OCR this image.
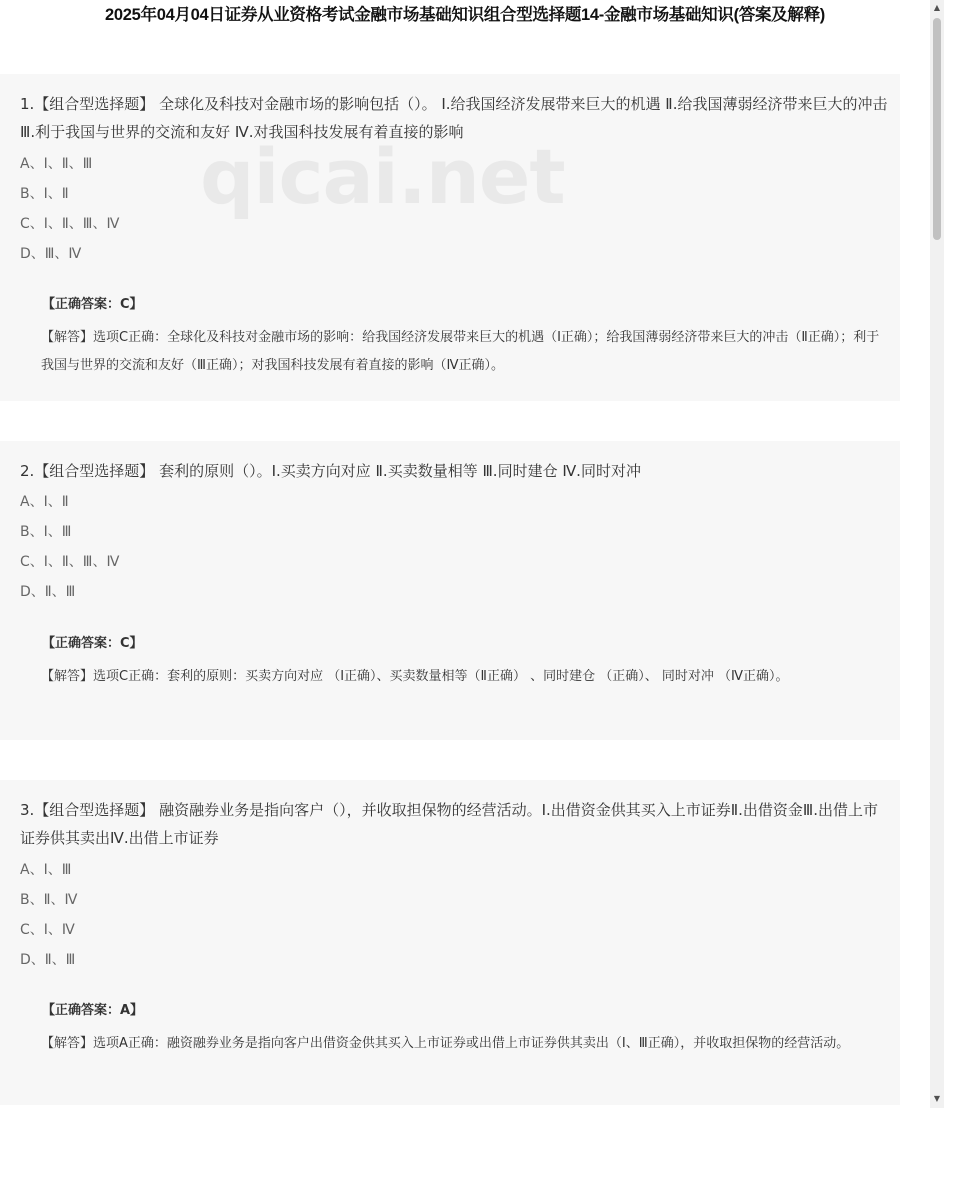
2025年04月04日证券从业资格考试金融市场基础知识组合型选择题14-金融市场基础知识(答案及解释)
1.【组合型选择题】 全球化及科技对金融市场的影响包括（）。 Ⅰ.给我国经济发展带来巨大的机遇 Ⅱ.给我国薄弱经济带来巨大的冲击 Ⅲ.利于我国与世界的交流和友好 Ⅳ.对我国科技发展有着直接的影响
A、Ⅰ、Ⅱ、Ⅲ
B、Ⅰ、Ⅱ
C、Ⅰ、Ⅱ、Ⅲ、Ⅳ
D、Ⅲ、Ⅳ
【正确答案：C】
【解答】选项C正确：全球化及科技对金融市场的影响：给我国经济发展带来巨大的机遇（Ⅰ正确）；给我国薄弱经济带来巨大的冲击（Ⅱ正确）；利于我国与世界的交流和友好（Ⅲ正确）；对我国科技发展有着直接的影响（Ⅳ正确）。
2.【组合型选择题】 套利的原则（）。Ⅰ.买卖方向对应 Ⅱ.买卖数量相等 Ⅲ.同时建仓 Ⅳ.同时对冲
A、Ⅰ、Ⅱ
B、Ⅰ、Ⅲ
C、Ⅰ、Ⅱ、Ⅲ、Ⅳ
D、Ⅱ、Ⅲ
【正确答案：C】
【解答】选项C正确：套利的原则：买卖方向对应 （Ⅰ正确）、买卖数量相等（Ⅱ正确） 、同时建仓 （正确）、 同时对冲 （Ⅳ正确）。
3.【组合型选择题】 融资融券业务是指向客户（），并收取担保物的经营活动。Ⅰ.出借资金供其买入上市证券Ⅱ.出借资金Ⅲ.出借上市证券供其卖出Ⅳ.出借上市证券
A、Ⅰ、Ⅲ
B、Ⅱ、Ⅳ
C、Ⅰ、Ⅳ
D、Ⅱ、Ⅲ
【正确答案：A】
【解答】选项A正确：融资融券业务是指向客户出借资金供其买入上市证券或出借上市证券供其卖出（Ⅰ、Ⅲ正确），并收取担保物的经营活动。
▲
▼
